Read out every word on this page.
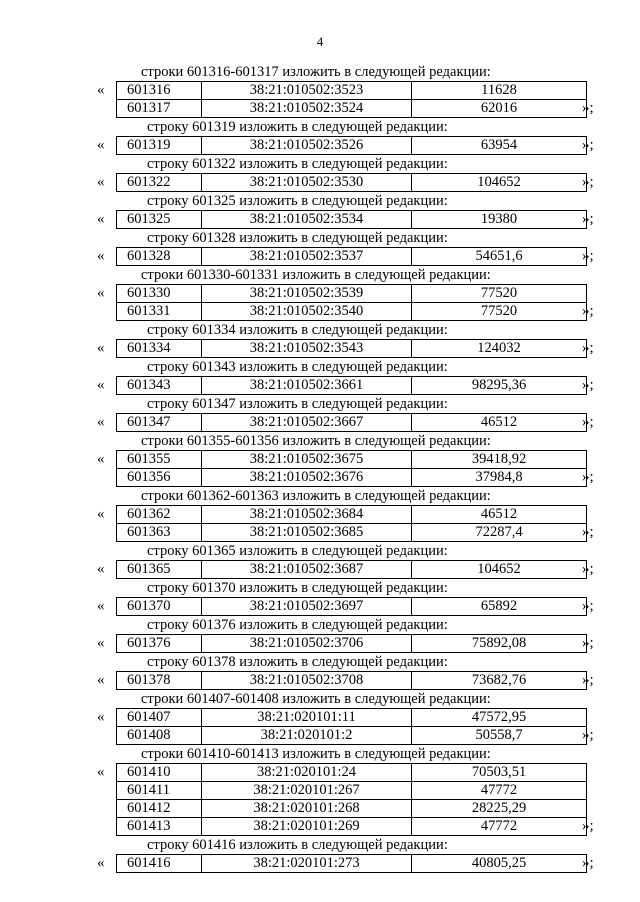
4
строки 601316-601317 изложить в следующей редакции:
« 601316	38:21:010502:3523	11628
601317	38:21:010502:3524	62016	»;
строку 601319 изложить в следующей редакции:
« 601319	38:21:010502:3526	63954	»;
строку 601322 изложить в следующей редакции:
« 601322	38:21:010502:3530	104652	»;
строку 601325 изложить в следующей редакции:
« 601325	38:21:010502:3534	19380	»;
строку 601328 изложить в следующей редакции:
« 601328	38:21:010502:3537	54651,6	»;
строки 601330-601331 изложить в следующей редакции:
« 601330	38:21:010502:3539	77520
601331	38:21:010502:3540	77520	»;
строку 601334 изложить в следующей редакции:
« 601334	38:21:010502:3543	124032	»;
строку 601343 изложить в следующей редакции:
« 601343	38:21:010502:3661	98295,36	»;
строку 601347 изложить в следующей редакции:
« 601347	38:21:010502:3667	46512	»;
строки 601355-601356 изложить в следующей редакции:
« 601355	38:21:010502:3675	39418,92
601356	38:21:010502:3676	37984,8	»;
строки 601362-601363 изложить в следующей редакции:
« 601362	38:21:010502:3684	46512
601363	38:21:010502:3685	72287,4	»;
строку 601365 изложить в следующей редакции:
« 601365	38:21:010502:3687	104652	»;
строку 601370 изложить в следующей редакции:
« 601370	38:21:010502:3697	65892	»;
строку 601376 изложить в следующей редакции:
« 601376	38:21:010502:3706	75892,08	»;
строку 601378 изложить в следующей редакции:
« 601378	38:21:010502:3708	73682,76	»;
строки 601407-601408 изложить в следующей редакции:
« 601407	38:21:020101:11	47572,95
601408	38:21:020101:2	50558,7	»;
строки 601410-601413 изложить в следующей редакции:
« 601410	38:21:020101:24	70503,51
601411	38:21:020101:267	47772
601412	38:21:020101:268	28225,29
601413	38:21:020101:269	47772	»;
строку 601416 изложить в следующей редакции:
« 601416	38:21:020101:273	40805,25	»;
